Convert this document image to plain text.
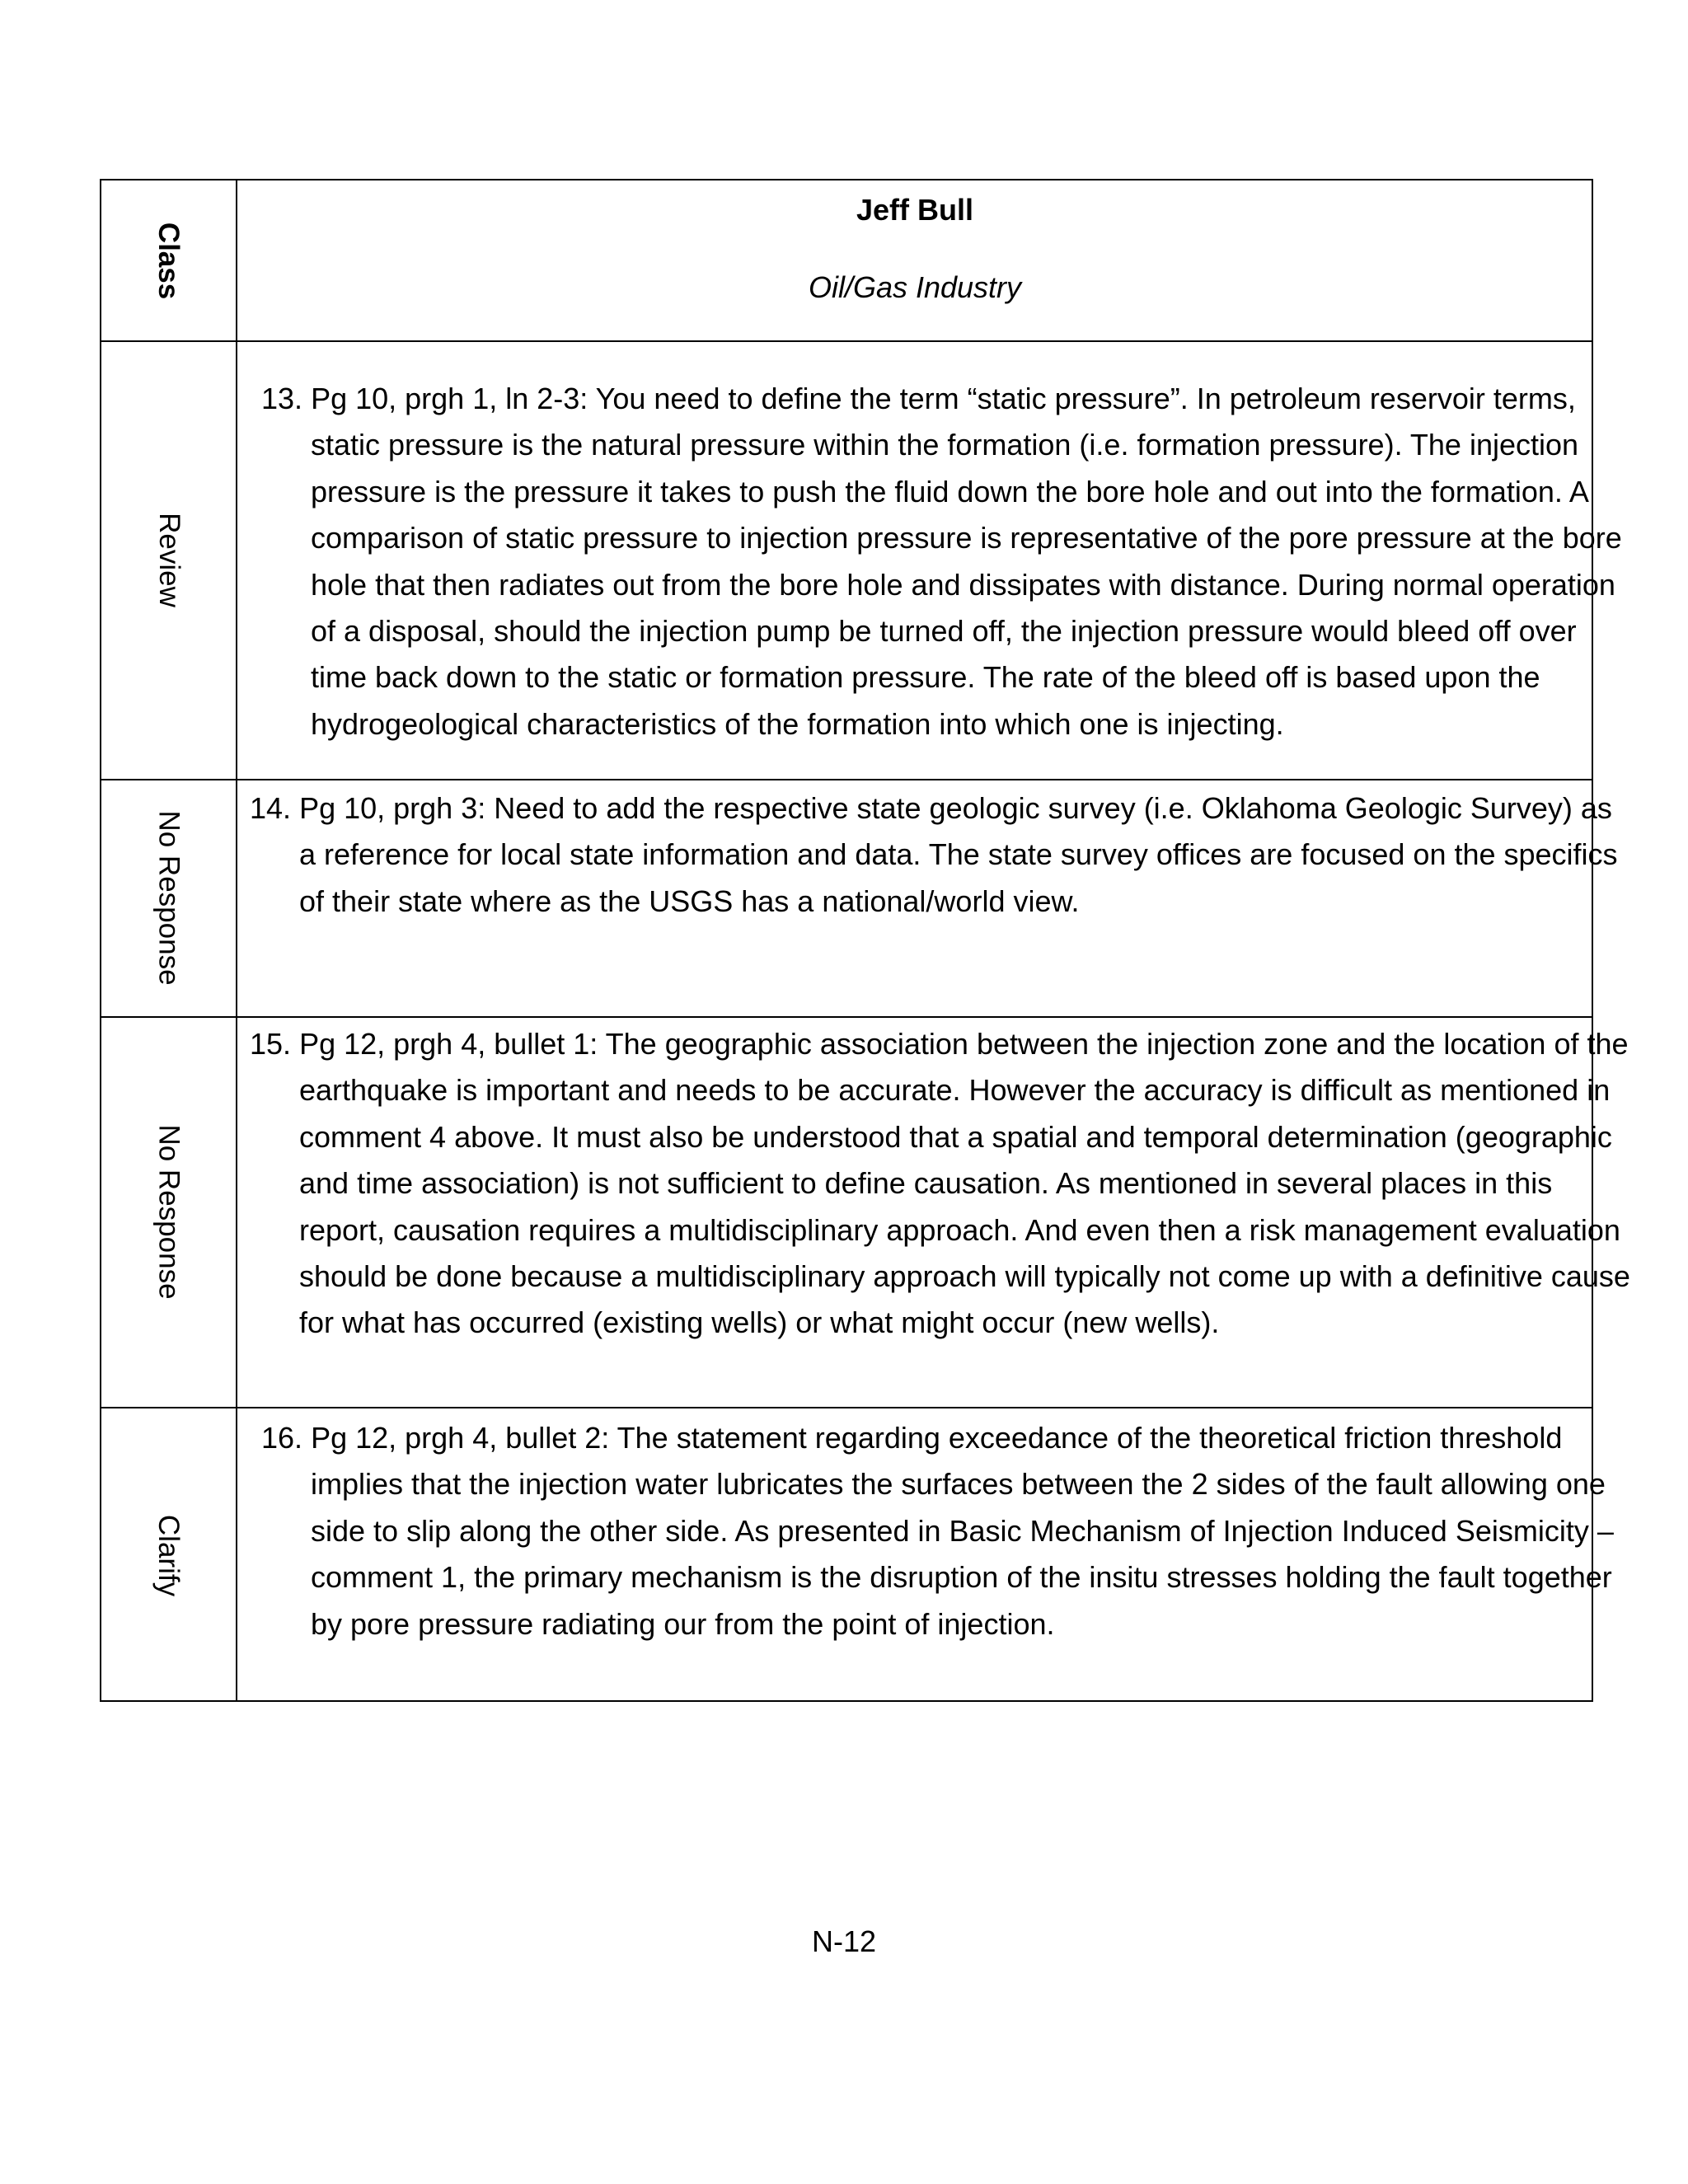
Class
Jeff Bull
Oil/Gas Industry
Review

13. Pg 10, prgh 1, ln 2-3: You need to define the term “static pressure”. In petroleum reservoir terms, static pressure is the natural pressure within the formation (i.e. formation pressure). The injection pressure is the pressure it takes to push the fluid down the bore hole and out into the formation. A comparison of static pressure to injection pressure is representative of the pore pressure at the bore hole that then radiates out from the bore hole and dissipates with distance. During normal operation of a disposal, should the injection pump be turned off, the injection pressure would bleed off over time back down to the static or formation pressure. The rate of the bleed off is based upon the hydrogeological characteristics of the formation into which one is injecting.

No Response

14. Pg 10, prgh 3: Need to add the respective state geologic survey (i.e. Oklahoma Geologic Survey) as a reference for local state information and data. The state survey offices are focused on the specifics of their state where as the USGS has a national/world view.

No Response

15. Pg 12, prgh 4, bullet 1: The geographic association between the injection zone and the location of the earthquake is important and needs to be accurate. However the accuracy is difficult as mentioned in comment 4 above. It must also be understood that a spatial and temporal determination (geographic and time association) is not sufficient to define causation. As mentioned in several places in this report, causation requires a multidisciplinary approach. And even then a risk management evaluation should be done because a multidisciplinary approach will typically not come up with a definitive cause for what has occurred (existing wells) or what might occur (new wells).

Clarify

16. Pg 12, prgh 4, bullet 2: The statement regarding exceedance of the theoretical friction threshold implies that the injection water lubricates the surfaces between the 2 sides of the fault allowing one side to slip along the other side. As presented in Basic Mechanism of Injection Induced Seismicity – comment 1, the primary mechanism is the disruption of the insitu stresses holding the fault together by pore pressure radiating our from the point of injection.

N-12
